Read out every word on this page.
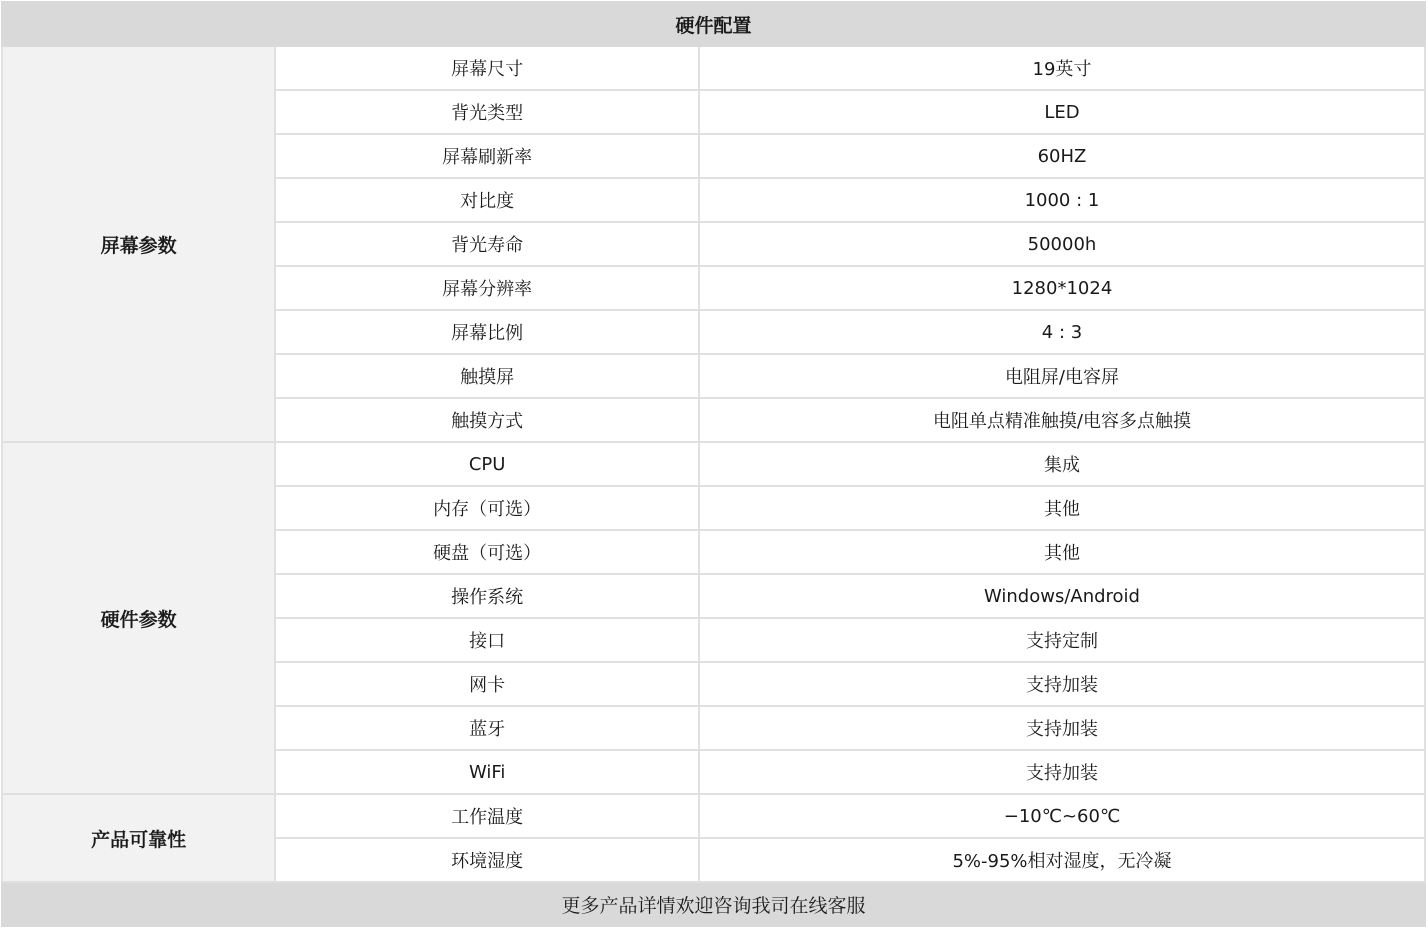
硬件配置		
屏幕参数	屏幕尺寸	19英寸
	背光类型	LED
	屏幕刷新率	60HZ
	对比度	1000 : 1
	背光寿命	50000h
	屏幕分辨率	1280*1024
	屏幕比例	4 : 3
	触摸屏	电阻屏/电容屏
	触摸方式	电阻单点精准触摸/电容多点触摸
硬件参数	CPU	集成
	内存（可选）	其他
	硬盘（可选）	其他
	操作系统	Windows/Android
	接口	支持定制
	网卡	支持加装
	蓝牙	支持加装
	WiFi	支持加装
产品可靠性	工作温度	−10℃~60℃
	环境湿度	5%-95%相对湿度，无冷凝
更多产品详情欢迎咨询我司在线客服		
